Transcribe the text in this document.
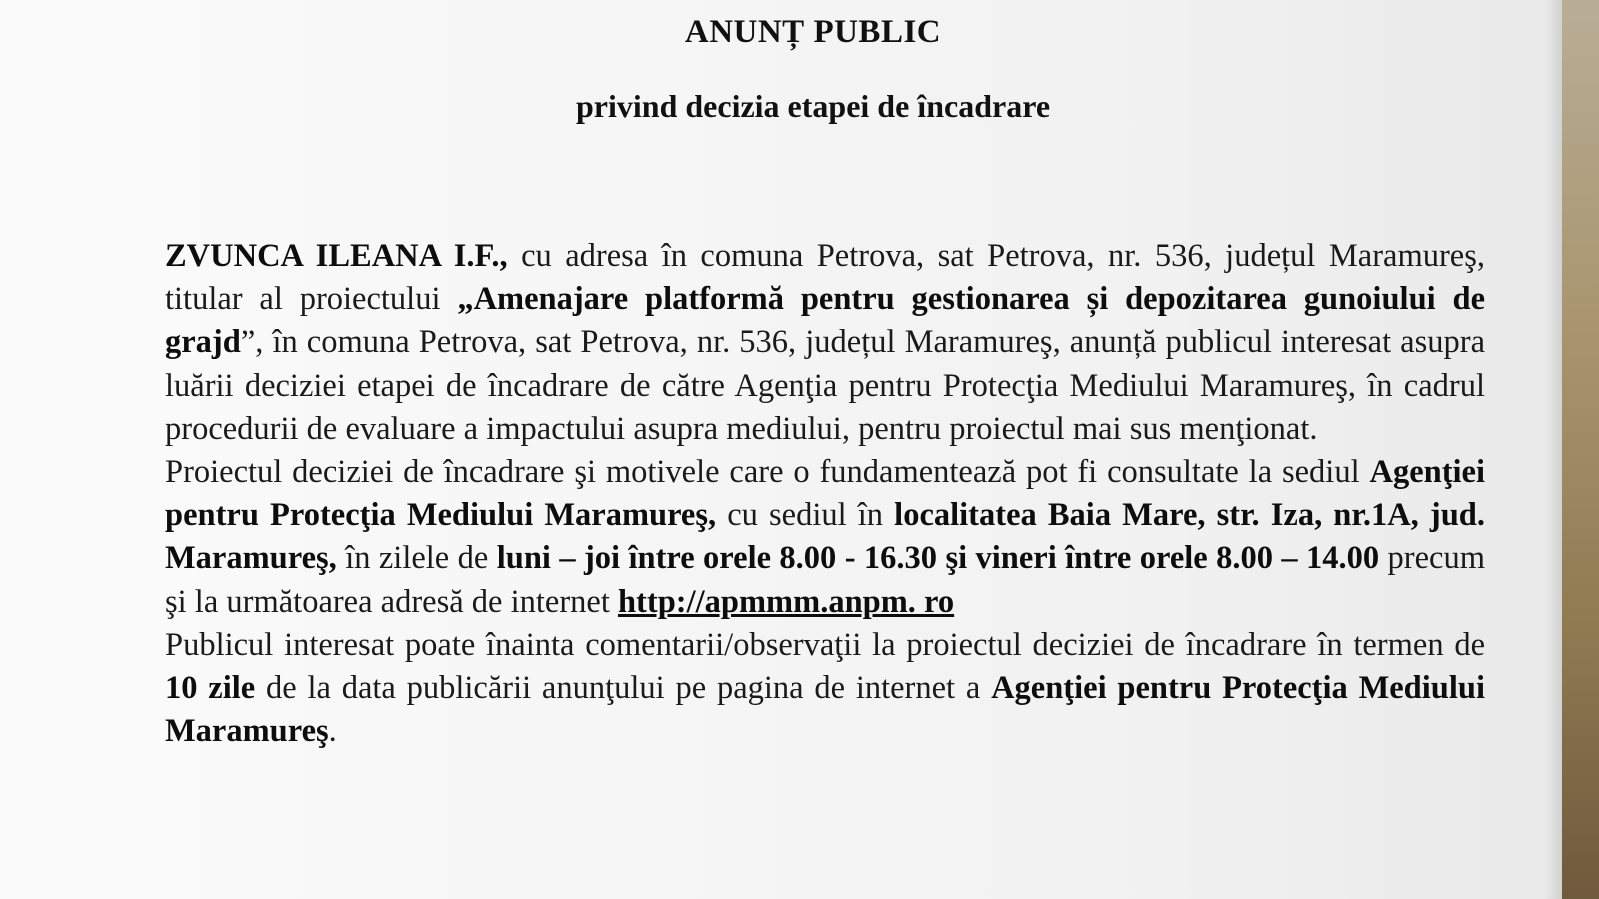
ANUNȚ PUBLIC
privind decizia etapei de încadrare

ZVUNCA ILEANA I.F., cu adresa în comuna Petrova, sat Petrova, nr. 536, județul Maramureş, titular al proiectului „Amenajare platformă pentru gestionarea și depozitarea gunoiului de grajd”, în comuna Petrova, sat Petrova, nr. 536, județul Maramureş, anunță publicul interesat asupra luării deciziei etapei de încadrare de către Agenţia pentru Protecţia Mediului Maramureş, în cadrul procedurii de evaluare a impactului asupra mediului, pentru proiectul mai sus menţionat.

Proiectul deciziei de încadrare şi motivele care o fundamentează pot fi consultate la sediul Agenţiei pentru Protecţia Mediului Maramureş, cu sediul în localitatea Baia Mare, str. Iza, nr.1A, jud. Maramureş, în zilele de luni – joi între orele 8.00 - 16.30 şi vineri între orele 8.00 – 14.00 precum şi la următoarea adresă de internet http://apmmm.anpm. ro

Publicul interesat poate înainta comentarii/observaţii la proiectul deciziei de încadrare în termen de 10 zile de la data publicării anunţului pe pagina de internet a Agenţiei pentru Protecţia Mediului Maramureş.
